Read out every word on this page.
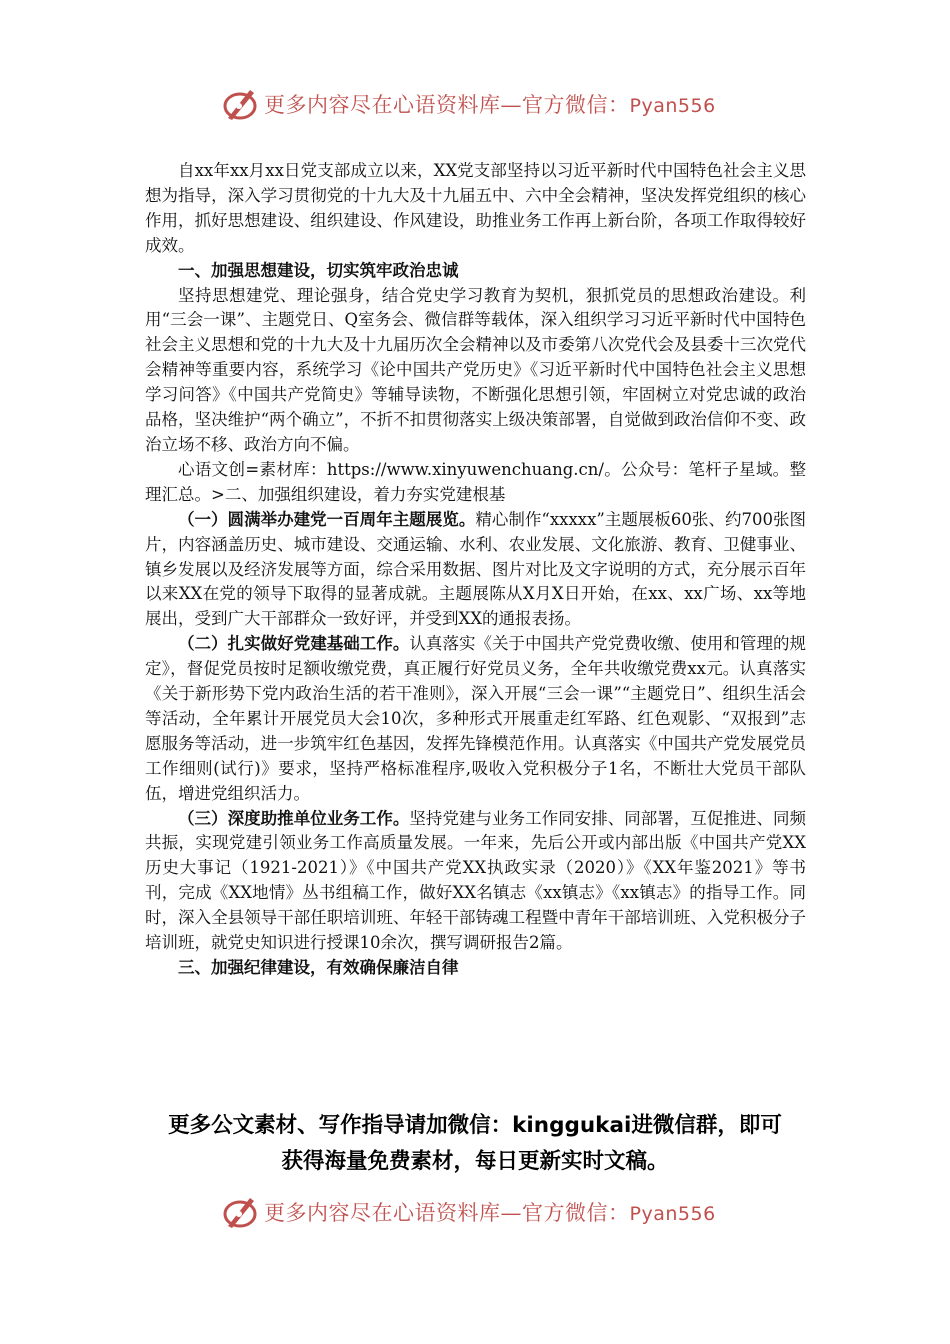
更多内容尽在心语资料库—官方微信：Pyan556

自xx年xx月xx日党支部成立以来，XX党支部坚持以习近平新时代中国特色社会主义思想为指导，深入学习贯彻党的十九大及十九届五中、六中全会精神，坚决发挥党组织的核心作用，抓好思想建设、组织建设、作风建设，助推业务工作再上新台阶，各项工作取得较好成效。

一、加强思想建设，切实筑牢政治忠诚

坚持思想建党、理论强身，结合党史学习教育为契机，狠抓党员的思想政治建设。利用“三会一课”、主题党日、Q室务会、微信群等载体，深入组织学习习近平新时代中国特色社会主义思想和党的十九大及十九届历次全会精神以及市委第八次党代会及县委十三次党代会精神等重要内容，系统学习《论中国共产党历史》《习近平新时代中国特色社会主义思想学习问答》《中国共产党简史》等辅导读物，不断强化思想引领，牢固树立对党忠诚的政治品格，坚决维护“两个确立”，不折不扣贯彻落实上级决策部署，自觉做到政治信仰不变、政治立场不移、政治方向不偏。

心语文创=素材库：https://www.xinyuwenchuang.cn/。公众号：笔杆子星域。整理汇总。>二、加强组织建设，着力夯实党建根基

（一）圆满举办建党一百周年主题展览。精心制作“xxxxx”主题展板60张、约700张图片，内容涵盖历史、城市建设、交通运输、水利、农业发展、文化旅游、教育、卫健事业、镇乡发展以及经济发展等方面，综合采用数据、图片对比及文字说明的方式，充分展示百年以来XX在党的领导下取得的显著成就。主题展陈从X月X日开始，在xx、xx广场、xx等地展出，受到广大干部群众一致好评，并受到XX的通报表扬。

（二）扎实做好党建基础工作。认真落实《关于中国共产党党费收缴、使用和管理的规定》，督促党员按时足额收缴党费，真正履行好党员义务，全年共收缴党费xx元。认真落实《关于新形势下党内政治生活的若干准则》，深入开展“三会一课”“主题党日”、组织生活会等活动，全年累计开展党员大会10次，多种形式开展重走红军路、红色观影、“双报到”志愿服务等活动，进一步筑牢红色基因，发挥先锋模范作用。认真落实《中国共产党发展党员工作细则(试行)》要求，坚持严格标准程序,吸收入党积极分子1名，不断壮大党员干部队伍，增进党组织活力。

（三）深度助推单位业务工作。坚持党建与业务工作同安排、同部署，互促推进、同频共振，实现党建引领业务工作高质量发展。一年来，先后公开或内部出版《中国共产党XX历史大事记（1921-2021）》《中国共产党XX执政实录（2020）》《XX年鉴2021》等书刊，完成《XX地情》丛书组稿工作，做好XX名镇志《xx镇志》《xx镇志》的指导工作。同时，深入全县领导干部任职培训班、年轻干部铸魂工程暨中青年干部培训班、入党积极分子培训班，就党史知识进行授课10余次，撰写调研报告2篇。

三、加强纪律建设，有效确保廉洁自律
更多公文素材、写作指导请加微信：kinggukai进微信群，即可
获得海量免费素材，每日更新实时文稿。
更多内容尽在心语资料库—官方微信：Pyan556
